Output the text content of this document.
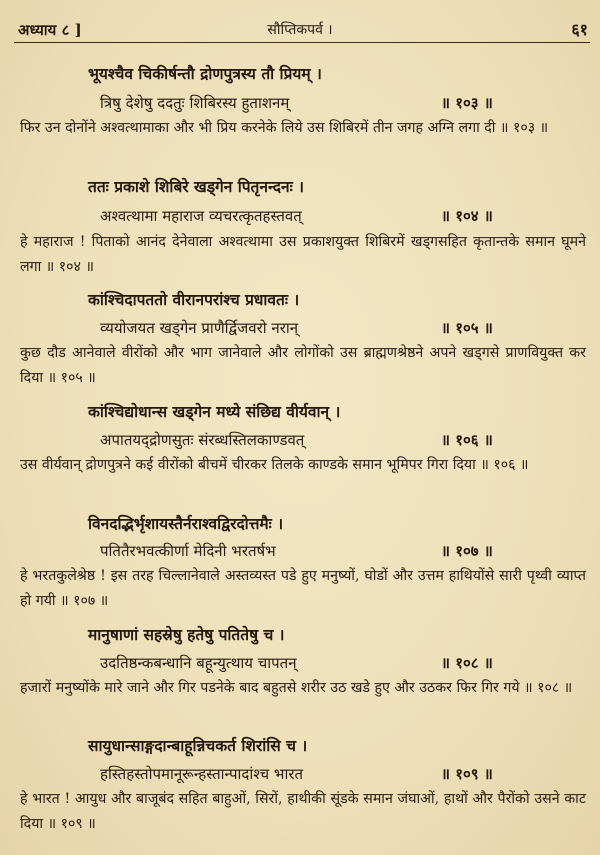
अध्याय ८ ]	सौप्तिकपर्व ।	६१
भूयश्चैव चिकीर्षन्तौ द्रोणपुत्रस्य तौ प्रियम् ।
त्रिषु देशेषु ददतुः शिबिरस्य हुताशनम्	॥ १०३ ॥
फिर उन दोनोंने अश्वत्थामाका और भी प्रिय करनेके लिये उस शिबिरमें तीन जगह अग्नि लगा दी ॥ १०३ ॥
ततः प्रकाशे शिबिरे खड्गेन पितृनन्दनः ।
अश्वत्थामा महाराज व्यचरत्कृतहस्तवत्	॥ १०४ ॥
हे महाराज ! पिताको आनंद देनेवाला अश्वत्थामा उस प्रकाशयुक्त शिबिरमें खड्गसहित कृतान्तके समान घूमने लगा ॥ १०४ ॥
कांश्चिदापततो वीरानपरांश्च प्रधावतः ।
व्ययोजयत खड्गेन प्राणैर्द्विजवरो नरान्	॥ १०५ ॥
कुछ दौड आनेवाले वीरोंको और भाग जानेवाले और लोगोंको उस ब्राह्मणश्रेष्ठने अपने खड्गसे प्राणवियुक्त कर दिया ॥ १०५ ॥
कांश्चिद्योधान्स खड्गेन मध्ये संछिद्य वीर्यवान् ।
अपातयद्द्रोणसुतः संरब्धस्तिलकाण्डवत्	॥ १०६ ॥
उस वीर्यवान् द्रोणपुत्रने कई वीरोंको बीचमें चीरकर तिलके काण्डके समान भूमिपर गिरा दिया ॥ १०६ ॥
विनदद्भिर्भृशायस्तैर्नराश्वद्विरदोत्तमैः ।
पतितैरभवत्कीर्णा मेदिनी भरतर्षभ	॥ १०७ ॥
हे भरतकुलेश्रेष्ठ ! इस तरह चिल्लानेवाले अस्तव्यस्त पडे हुए मनुष्यों, घोडों और उत्तम हाथियोंसे सारी पृथ्वी व्याप्त हो गयी ॥ १०७ ॥
मानुषाणां सहस्रेषु हतेषु पतितेषु च ।
उदतिष्ठन्कबन्धानि बहून्युत्थाय चापतन्	॥ १०८ ॥
हजारों मनुष्योंके मारे जाने और गिर पडनेके बाद बहुतसे शरीर उठ खडे हुए और उठकर फिर गिर गये ॥ १०८ ॥
सायुधान्साङ्गदान्बाहून्निचकर्त शिरांसि च ।
हस्तिहस्तोपमानूरून्हस्तान्पादांश्च भारत	॥ १०९ ॥
हे भारत ! आयुध और बाजूबंद सहित बाहुओं, सिरों, हाथीकी सूंडके समान जंघाओं, हाथों और पैरोंको उसने काट दिया ॥ १०९ ॥
